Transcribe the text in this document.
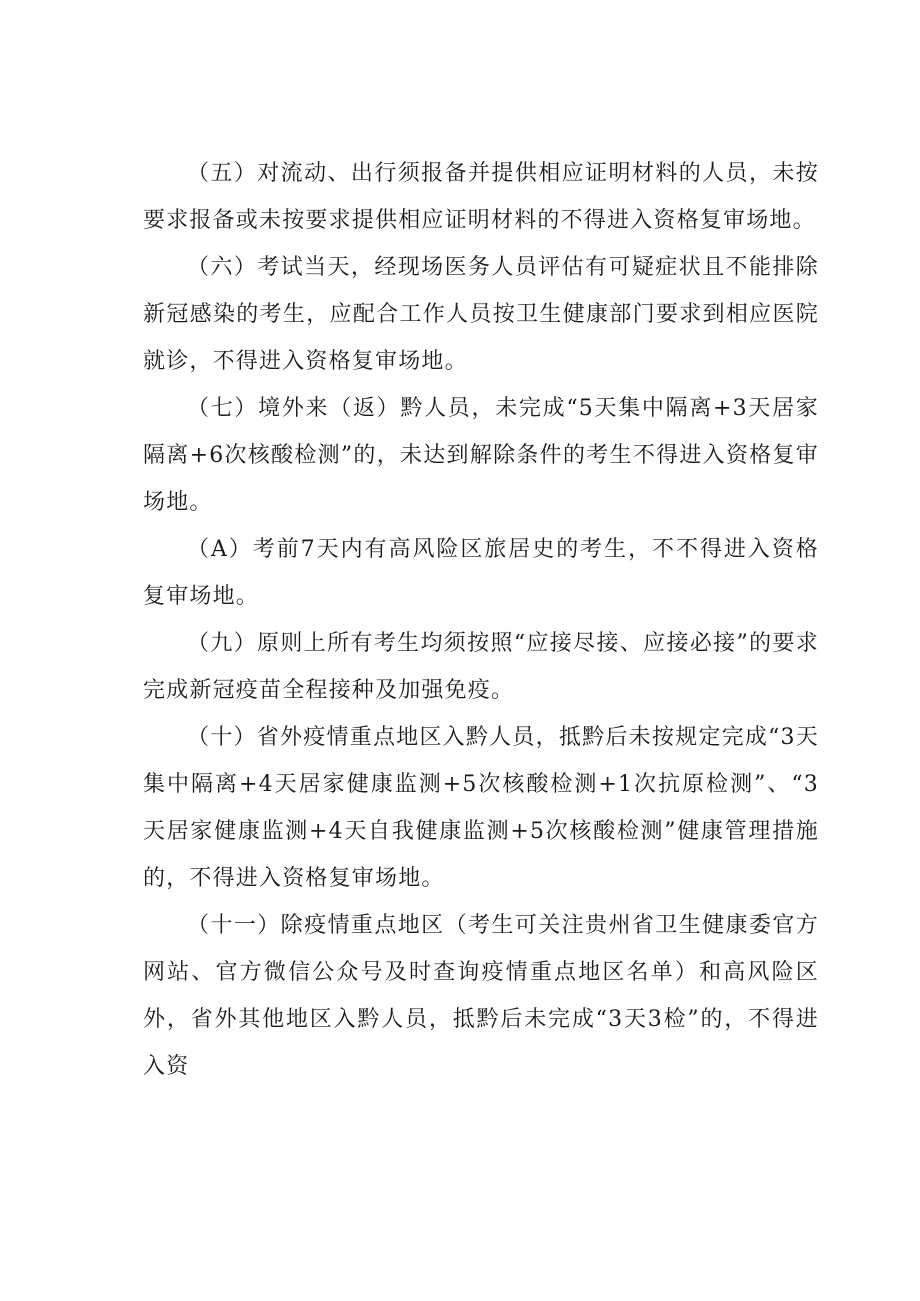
（五）对流动、出行须报备并提供相应证明材料的人员，未按要求报备或未按要求提供相应证明材料的不得进入资格复审场地。

（六）考试当天，经现场医务人员评估有可疑症状且不能排除新冠感染的考生，应配合工作人员按卫生健康部门要求到相应医院就诊，不得进入资格复审场地。

（七）境外来（返）黔人员，未完成“5天集中隔离+3天居家隔离+6次核酸检测”的，未达到解除条件的考生不得进入资格复审场地。

（A）考前7天内有高风险区旅居史的考生，不不得进入资格复审场地。

（九）原则上所有考生均须按照“应接尽接、应接必接”的要求完成新冠疫苗全程接种及加强免疫。

（十）省外疫情重点地区入黔人员，抵黔后未按规定完成“3天集中隔离+4天居家健康监测+5次核酸检测+1次抗原检测”、“3天居家健康监测+4天自我健康监测+5次核酸检测”健康管理措施的，不得进入资格复审场地。

（十一）除疫情重点地区（考生可关注贵州省卫生健康委官方网站、官方微信公众号及时查询疫情重点地区名单）和高风险区外，省外其他地区入黔人员，抵黔后未完成“3天3检”的，不得进入资
